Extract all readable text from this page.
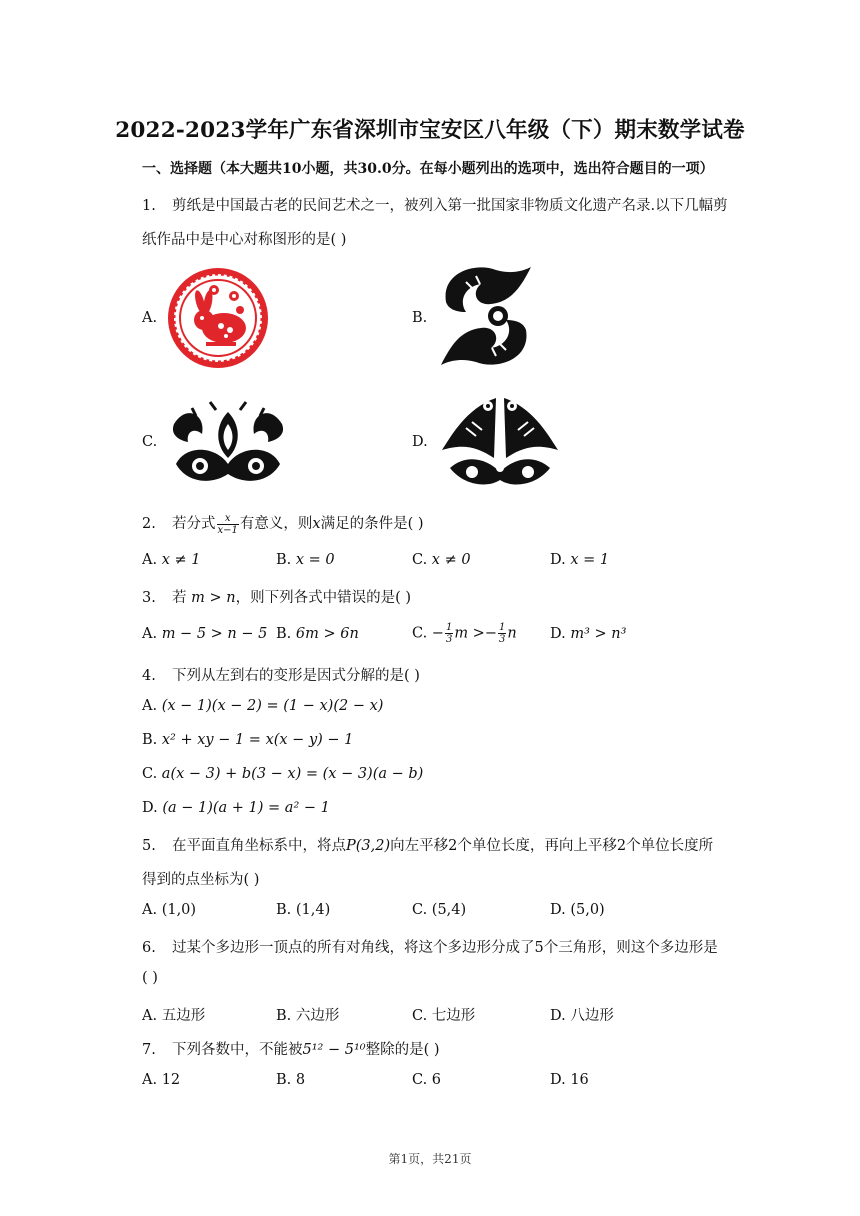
2022-2023学年广东省深圳市宝安区八年级（下）期末数学试卷
一、选择题（本大题共10小题，共30.0分。在每小题列出的选项中，选出符合题目的一项）
1. 剪纸是中国最古老的民间艺术之一，被列入第一批国家非物质文化遗产名录.以下几幅剪
纸作品中是中心对称图形的是( )
A.	B.
C.	D.
2. 若分式 $\frac{x}{x-1}$ 有意义，则x满足的条件是( )
A. x ≠ 1	B. x = 0	C. x ≠ 0	D. x = 1
3. 若 m > n，则下列各式中错误的是( )
A. m − 5 > n − 5 B. 6m > 6n	C. − $\frac{1}{3}$ $m >- \frac{1}{3}$ n D. m³ > n³
4. 下列从左到右的变形是因式分解的是( )
A. (x − 1)(x − 2) = (1 − x)(2 − x)
B. x² + xy − 1 = x(x − y) − 1
C. a(x − 3) + b(3 − x) = (x − 3)(a − b)
D. (a − 1)(a + 1) = a² − 1
5. 在平面直角坐标系中，将点P(3,2)向左平移2个单位长度，再向上平移2个单位长度所
得到的点坐标为( )
A. (1,0)	B. (1,4)	C. (5,4)	D. (5,0)
6. 过某个多边形一顶点的所有对角线，将这个多边形分成了5个三角形，则这个多边形是
( )
A. 五边形	B. 六边形	C. 七边形	D. 八边形
7. 下列各数中，不能被5¹² − 5¹⁰整除的是( )
A. 12	B. 8	C. 6	D. 16
第1页，共21页
